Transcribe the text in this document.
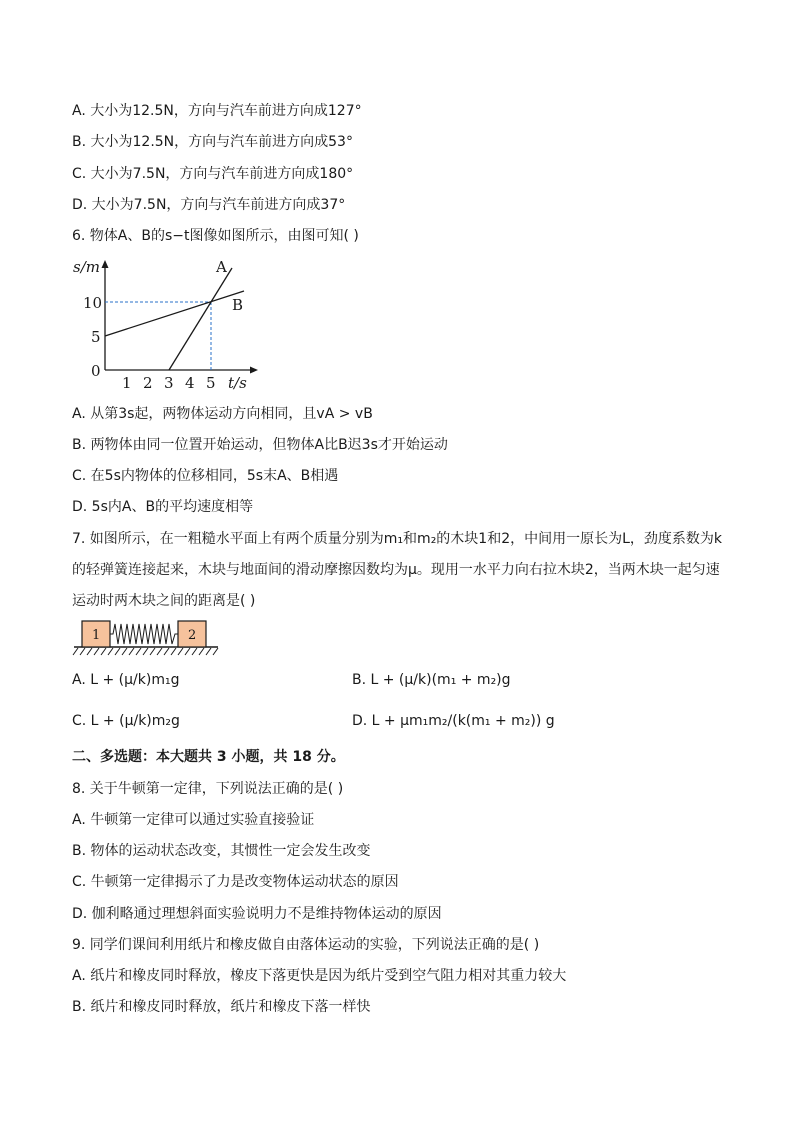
A. 大小为12.5N，方向与汽车前进方向成127°
B. 大小为12.5N，方向与汽车前进方向成53°
C. 大小为7.5N，方向与汽车前进方向成180°
D. 大小为7.5N，方向与汽车前进方向成37°
6. 物体A、B的s−t图像如图所示，由图可知( )
s/m
t/s
10
5
0
1 2 3 4 5
A
B
A. 从第3s起，两物体运动方向相同，且vA > vB
B. 两物体由同一位置开始运动，但物体A比B迟3s才开始运动
C. 在5s内物体的位移相同，5s末A、B相遇
D. 5s内A、B的平均速度相等
7. 如图所示，在一粗糙水平面上有两个质量分别为m₁和m₂的木块1和2，中间用一原长为L，劲度系数为k
的轻弹簧连接起来，木块与地面间的滑动摩擦因数均为μ。现用一水平力向右拉木块2，当两木块一起匀速
运动时两木块之间的距离是( )
1	2
A. L + (μ/k)m₁g	B. L + (μ/k)(m₁ + m₂)g
C. L + (μ/k)m₂g	D. L + μm₁m₂/(k(m₁ + m₂)) g
二、多选题：本大题共 3 小题，共 18 分。
8. 关于牛顿第一定律，下列说法正确的是( )
A. 牛顿第一定律可以通过实验直接验证
B. 物体的运动状态改变，其惯性一定会发生改变
C. 牛顿第一定律揭示了力是改变物体运动状态的原因
D. 伽利略通过理想斜面实验说明力不是维持物体运动的原因
9. 同学们课间利用纸片和橡皮做自由落体运动的实验，下列说法正确的是( )
A. 纸片和橡皮同时释放，橡皮下落更快是因为纸片受到空气阻力相对其重力较大
B. 纸片和橡皮同时释放，纸片和橡皮下落一样快
